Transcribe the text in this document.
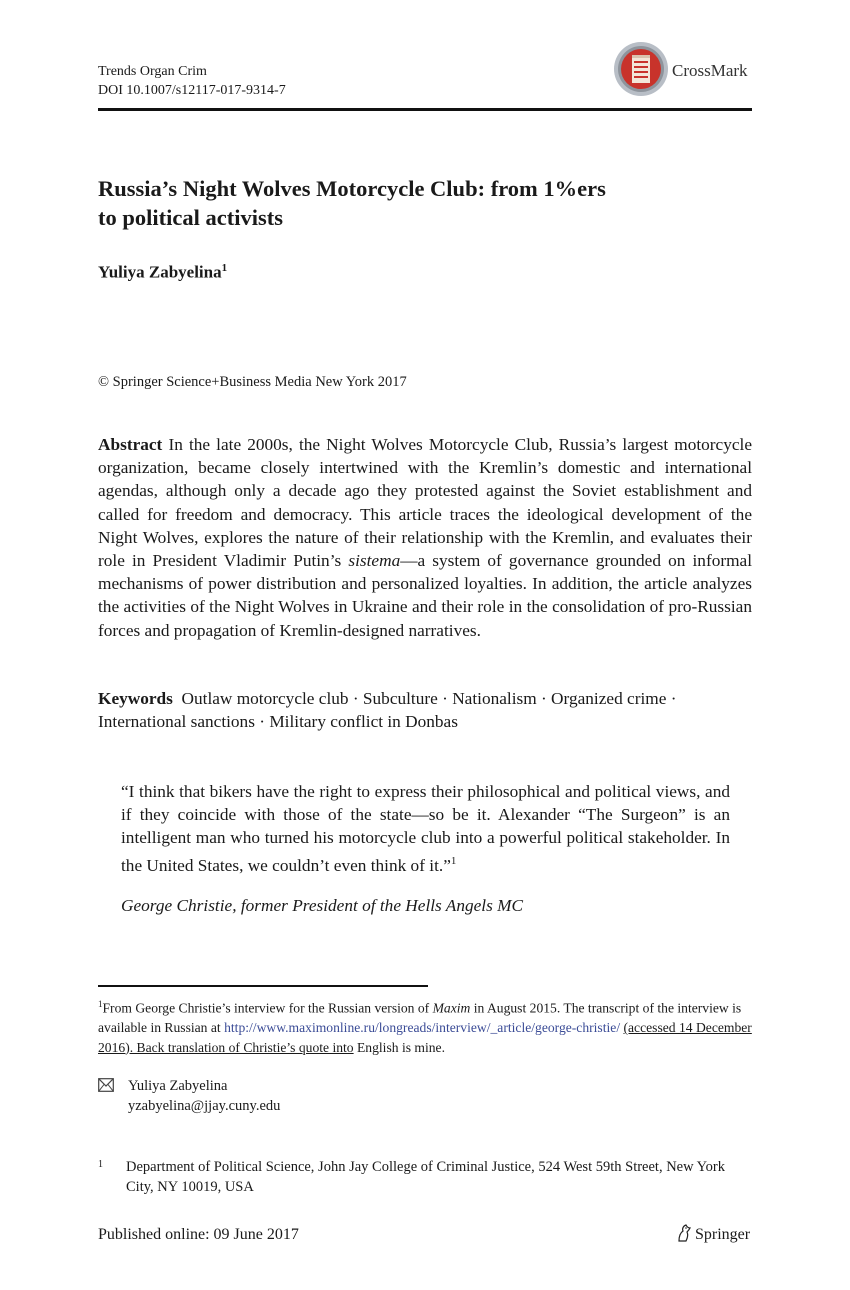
Trends Organ Crim
DOI 10.1007/s12117-017-9314-7
CrossMark
Russia’s Night Wolves Motorcycle Club: from 1%ers
to political activists
Yuliya Zabyelina$^1$
© Springer Science+Business Media New York 2017
Abstract In the late 2000s, the Night Wolves Motorcycle Club, Russia’s largest motorcycle organization, became closely intertwined with the Kremlin’s domestic and international agendas, although only a decade ago they protested against the Soviet establishment and called for freedom and democracy. This article traces the ideological development of the Night Wolves, explores the nature of their relationship with the Kremlin, and evaluates their role in President Vladimir Putin’s sistema—a system of governance grounded on informal mechanisms of power distribution and personalized loyalties. In addition, the article analyzes the activities of the Night Wolves in Ukraine and their role in the consolidation of pro-Russian forces and propagation of Kremlin-designed narratives.
Keywords Outlaw motorcycle club · Subculture · Nationalism · Organized crime ·
International sanctions · Military conflict in Donbas
“I think that bikers have the right to express their philosophical and political views, and if they coincide with those of the state—so be it. Alexander “The Surgeon” is an intelligent man who turned his motorcycle club into a powerful political stakeholder. In the United States, we couldn’t even think of it.”$^1$
George Christie, former President of the Hells Angels MC
$^1$From George Christie’s interview for the Russian version of Maxim in August 2015. The transcript of the interview is available in Russian at http://www.maximonline.ru/longreads/interview/_article/george-christie/ (accessed 14 December 2016). Back translation of Christie’s quote into English is mine.
Yuliya Zabyelina
yzabyelina@jjay.cuny.edu
1 Department of Political Science, John Jay College of Criminal Justice, 524 West 59th Street, New York City, NY 10019, USA
Published online: 09 June 2017	Springer
